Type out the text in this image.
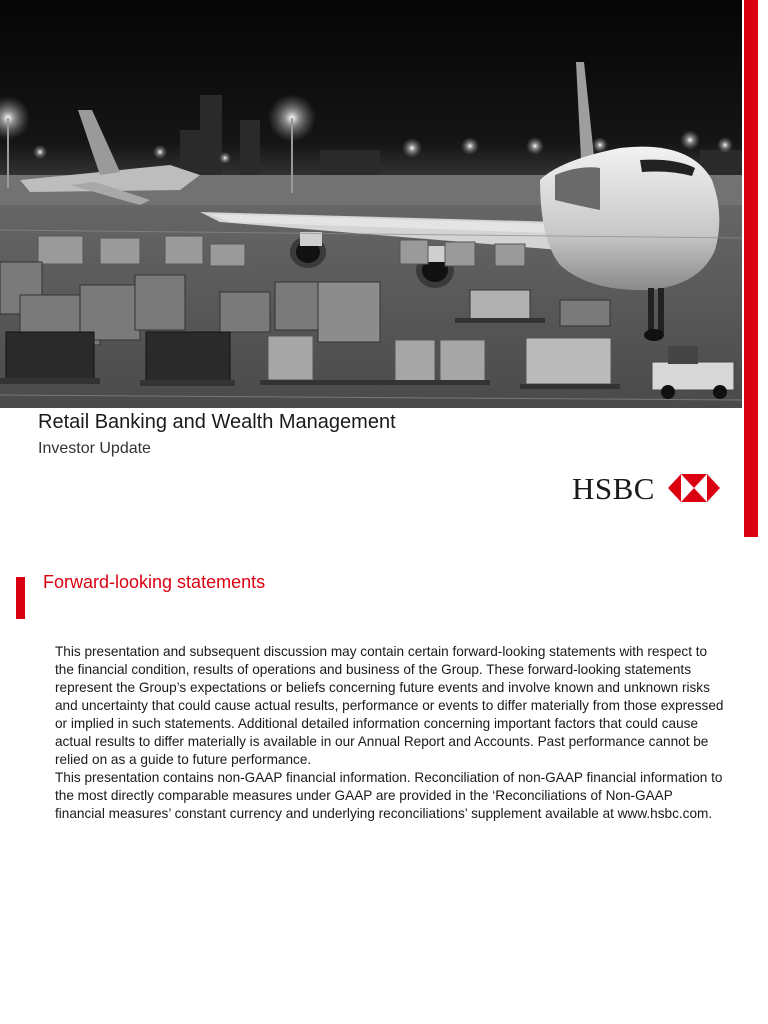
Retail Banking and Wealth Management
Investor Update
HSBC
Forward-looking statements

This presentation and subsequent discussion may contain certain forward-looking statements with respect to the financial condition, results of operations and business of the Group. These forward-looking statements represent the Group’s expectations or beliefs concerning future events and involve known and unknown risks and uncertainty that could cause actual results, performance or events to differ materially from those expressed or implied in such statements. Additional detailed information concerning important factors that could cause actual results to differ materially is available in our Annual Report and Accounts. Past performance cannot be relied on as a guide to future performance.

This presentation contains non-GAAP financial information. Reconciliation of non-GAAP financial information to the most directly comparable measures under GAAP are provided in the ‘Reconciliations of Non-GAAP financial measures’ constant currency and underlying reconciliations’ supplement available at www.hsbc.com.
